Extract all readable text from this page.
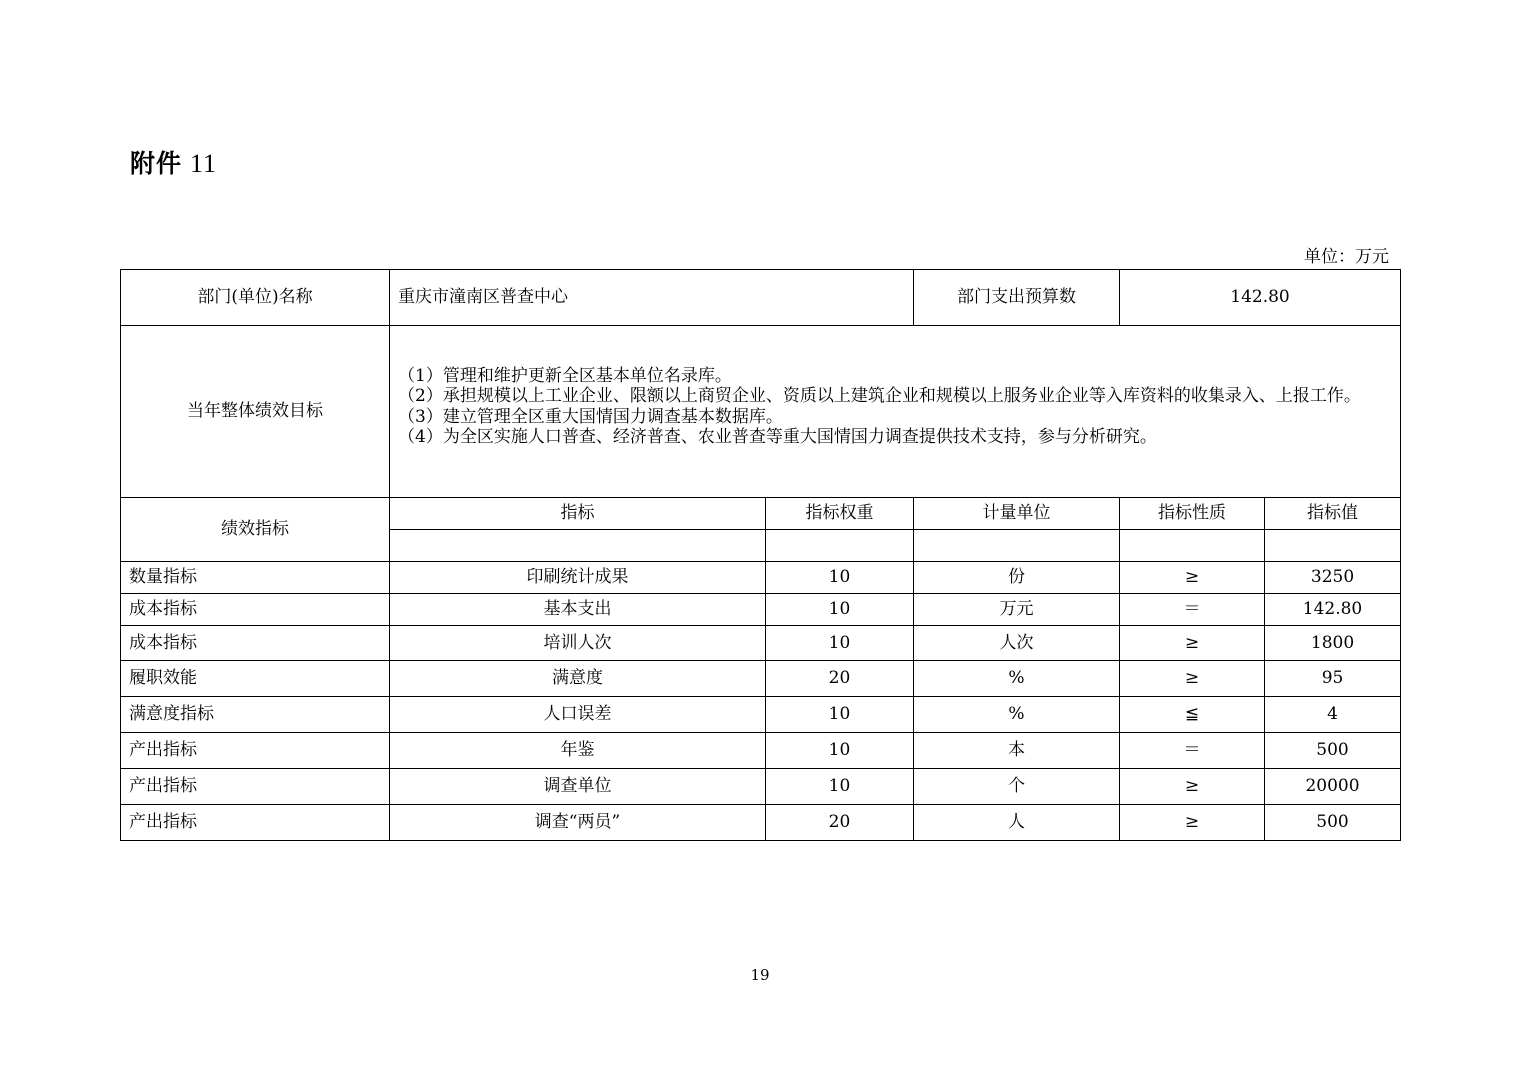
附件 11
单位：万元
部门(单位)名称	重庆市潼南区普查中心		部门支出预算数	142.80	
当年整体绩效目标	（1）管理和维护更新全区基本单位名录库。
（2）承担规模以上工业企业、限额以上商贸企业、资质以上建筑企业和规模以上服务业企业等入库资料的收集录入、上报工作。
（3）建立管理全区重大国情国力调查基本数据库。
（4）为全区实施人口普查、经济普查、农业普查等重大国情国力调查提供技术支持，参与分析研究。				

绩效指标	指标	指标权重	计量单位	指标性质	指标值

数量指标	印刷统计成果	10	份	≥	3250
成本指标	基本支出	10	万元	＝	142.80
成本指标	培训人次	10	人次	≥	1800
履职效能	满意度	20	%	≥	95
满意度指标	人口误差	10	%	≦	4
产出指标	年鉴	10	本	＝	500
产出指标	调查单位	10	个	≥	20000
产出指标	调查“两员”	20	人	≥	500
19
